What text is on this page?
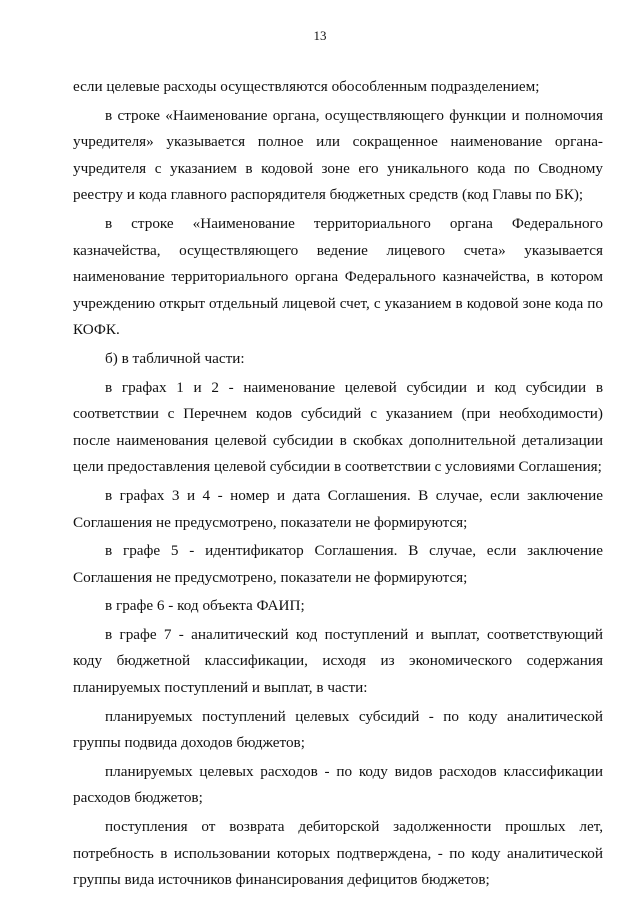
13

если целевые расходы осуществляются обособленным подразделением;

в строке «Наименование органа, осуществляющего функции и полномочия учредителя» указывается полное или сокращенное наименование органа-учредителя с указанием в кодовой зоне его уникального кода по Сводному реестру и кода главного распорядителя бюджетных средств (код Главы по БК);

в строке «Наименование территориального органа Федерального казначейства, осуществляющего ведение лицевого счета» указывается наименование территориального органа Федерального казначейства, в котором учреждению открыт отдельный лицевой счет, с указанием в кодовой зоне кода по КОФК.

б) в табличной части:

в графах 1 и 2 - наименование целевой субсидии и код субсидии в соответствии с Перечнем кодов субсидий с указанием (при необходимости) после наименования целевой субсидии в скобках дополнительной детализации цели предоставления целевой субсидии в соответствии с условиями Соглашения;

в графах 3 и 4 - номер и дата Соглашения. В случае, если заключение Соглашения не предусмотрено, показатели не формируются;

в графе 5 - идентификатор Соглашения. В случае, если заключение Соглашения не предусмотрено, показатели не формируются;

в графе 6 - код объекта ФАИП;

в графе 7 - аналитический код поступлений и выплат, соответствующий коду бюджетной классификации, исходя из экономического содержания планируемых поступлений и выплат, в части:

планируемых поступлений целевых субсидий - по коду аналитической группы подвида доходов бюджетов;

планируемых целевых расходов - по коду видов расходов классификации расходов бюджетов;

поступления от возврата дебиторской задолженности прошлых лет, потребность в использовании которых подтверждена, - по коду аналитической группы вида источников финансирования дефицитов бюджетов;
